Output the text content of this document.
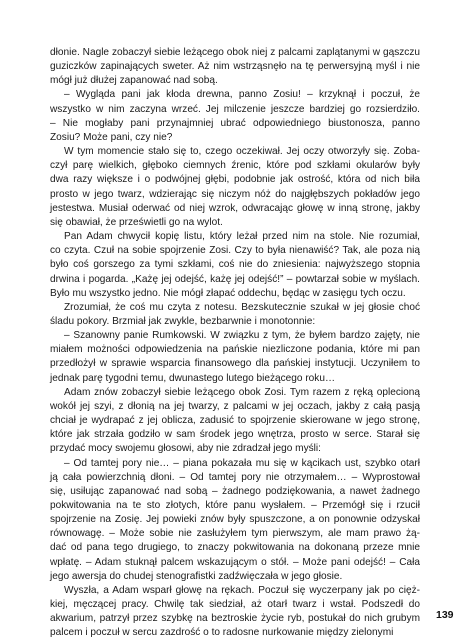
dłonie. Nagle zobaczył siebie leżącego obok niej z palcami zaplątanymi w gąszczu
guziczków zapinających sweter. Aż nim wstrząsnęło na tę perwersyjną myśl i nie
mógł już dłużej zapanować nad sobą.

– Wygląda pani jak kłoda drewna, panno Zosiu! – krzyknął i poczuł, że
wszystko w nim zaczyna wrzeć. Jej milczenie jeszcze bardziej go rozsierdziło.
– Nie mogłaby pani przynajmniej ubrać odpowiedniego biustonosza, panno
Zosiu? Może pani, czy nie?

W tym momencie stało się to, czego oczekiwał. Jej oczy otworzyły się. Zoba-
czył parę wielkich, głęboko ciemnych źrenic, które pod szkłami okularów były
dwa razy większe i o podwójnej głębi, podobnie jak ostrość, która od nich biła
prosto w jego twarz, wdzierając się niczym nóż do najgłębszych pokładów jego
jestestwa. Musiał oderwać od niej wzrok, odwracając głowę w inną stronę, jakby
się obawiał, że prześwietli go na wylot.

Pan Adam chwycił kopię listu, który leżał przed nim na stole. Nie rozumiał,
co czyta. Czuł na sobie spojrzenie Zosi. Czy to była nienawiść? Tak, ale poza nią
było coś gorszego za tymi szkłami, coś nie do zniesienia: najwyższego stopnia
drwina i pogarda. „Każę jej odejść, każę jej odejść!” – powtarzał sobie w myślach.
Było mu wszystko jedno. Nie mógł złapać oddechu, będąc w zasięgu tych oczu.

Zrozumiał, że coś mu czyta z notesu. Bezskutecznie szukał w jej głosie choć
śladu pokory. Brzmiał jak zwykle, bezbarwnie i monotonnie:

– Szanowny panie Rumkowski. W związku z tym, że byłem bardzo zajęty, nie
miałem możności odpowiedzenia na pańskie niezliczone podania, które mi pan
przedłożył w sprawie wsparcia finansowego dla pańskiej instytucji. Uczyniłem to
jednak parę tygodni temu, dwunastego lutego bieżącego roku…

Adam znów zobaczył siebie leżącego obok Zosi. Tym razem z ręką oplecioną
wokół jej szyi, z dłonią na jej twarzy, z palcami w jej oczach, jakby z całą pasją
chciał je wydrapać z jej oblicza, zadusić to spojrzenie skierowane w jego stronę,
które jak strzała godziło w sam środek jego wnętrza, prosto w serce. Starał się
przydać mocy swojemu głosowi, aby nie zdradzał jego myśli:

– Od tamtej pory nie… – piana pokazała mu się w kącikach ust, szybko otarł
ją cała powierzchnią dłoni. – Od tamtej pory nie otrzymałem… – Wyprostował
się, usiłując zapanować nad sobą – żadnego podziękowania, a nawet żadnego
pokwitowania na te sto złotych, które panu wysłałem. – Przemógł się i rzucił
spojrzenie na Zosię. Jej powieki znów były spuszczone, a on ponownie odzyskał
równowagę. – Może sobie nie zasłużyłem tym pierwszym, ale mam prawo żą-
dać od pana tego drugiego, to znaczy pokwitowania na dokonaną przeze mnie
wpłatę. – Adam stuknął palcem wskazującym o stół. – Może pani odejść! – Cała
jego awersja do chudej stenografistki zadźwięczała w jego głosie.

Wyszła, a Adam wsparł głowę na rękach. Poczuł się wyczerpany jak po cięż-
kiej, męczącej pracy. Chwilę tak siedział, aż otarł twarz i wstał. Podszedł do
akwarium, patrzył przez szybkę na beztroskie życie ryb, postukał do nich grubym
palcem i poczuł w sercu zazdrość o to radosne nurkowanie między zielonymi

139
